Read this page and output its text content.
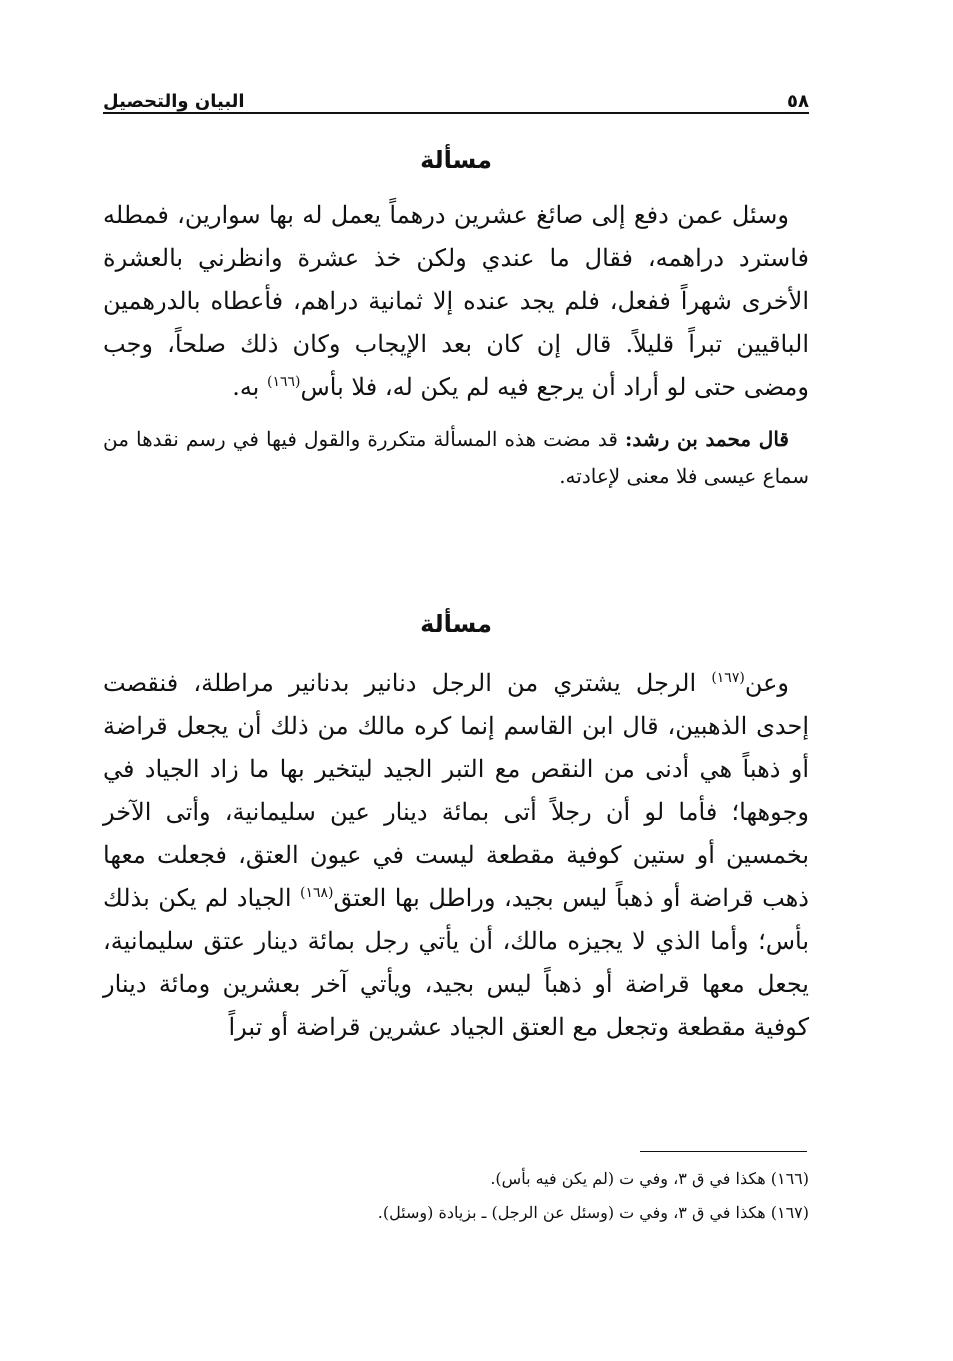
٥٨
البيان والتحصيل
مسألة

وسئل عمن دفع إلى صائغ عشرين درهماً يعمل له بها سوارين، فمطله فاسترد دراهمه، فقال ما عندي ولكن خذ عشرة وانظرني بالعشرة الأخرى شهراً ففعل، فلم يجد عنده إلا ثمانية دراهم، فأعطاه بالدرهمين الباقيين تبراً قليلاً. قال إن كان بعد الإيجاب وكان ذلك صلحاً، وجب ومضى حتى لو أراد أن يرجع فيه لم يكن له، فلا بأس$^{(١٦٦)}$ به.

قال محمد بن رشد: قد مضت هذه المسألة متكررة والقول فيها في رسم نقدها من سماع عيسى فلا معنى لإعادته.

مسألة

وعن$^{(١٦٧)}$ الرجل يشتري من الرجل دنانير بدنانير مراطلة، فنقصت إحدى الذهبين، قال ابن القاسم إنما كره مالك من ذلك أن يجعل قراضة أو ذهباً هي أدنى من النقص مع التبر الجيد ليتخير بها ما زاد الجياد في وجوهها؛ فأما لو أن رجلاً أتى بمائة دينار عين سليمانية، وأتى الآخر بخمسين أو ستين كوفية مقطعة ليست في عيون العتق، فجعلت معها ذهب قراضة أو ذهباً ليس بجيد، وراطل بها العتق$^{(١٦٨)}$ الجياد لم يكن بذلك بأس؛ وأما الذي لا يجيزه مالك، أن يأتي رجل بمائة دينار عتق سليمانية، يجعل معها قراضة أو ذهباً ليس بجيد، ويأتي آخر بعشرين ومائة دينار كوفية مقطعة وتجعل مع العتق الجياد عشرين قراضة أو تبراً

(١٦٦) هكذا في ق ٣، وفي ت (لم يكن فيه بأس).

(١٦٧) هكذا في ق ٣، وفي ت (وسئل عن الرجل) ـ بزيادة (وسئل).
